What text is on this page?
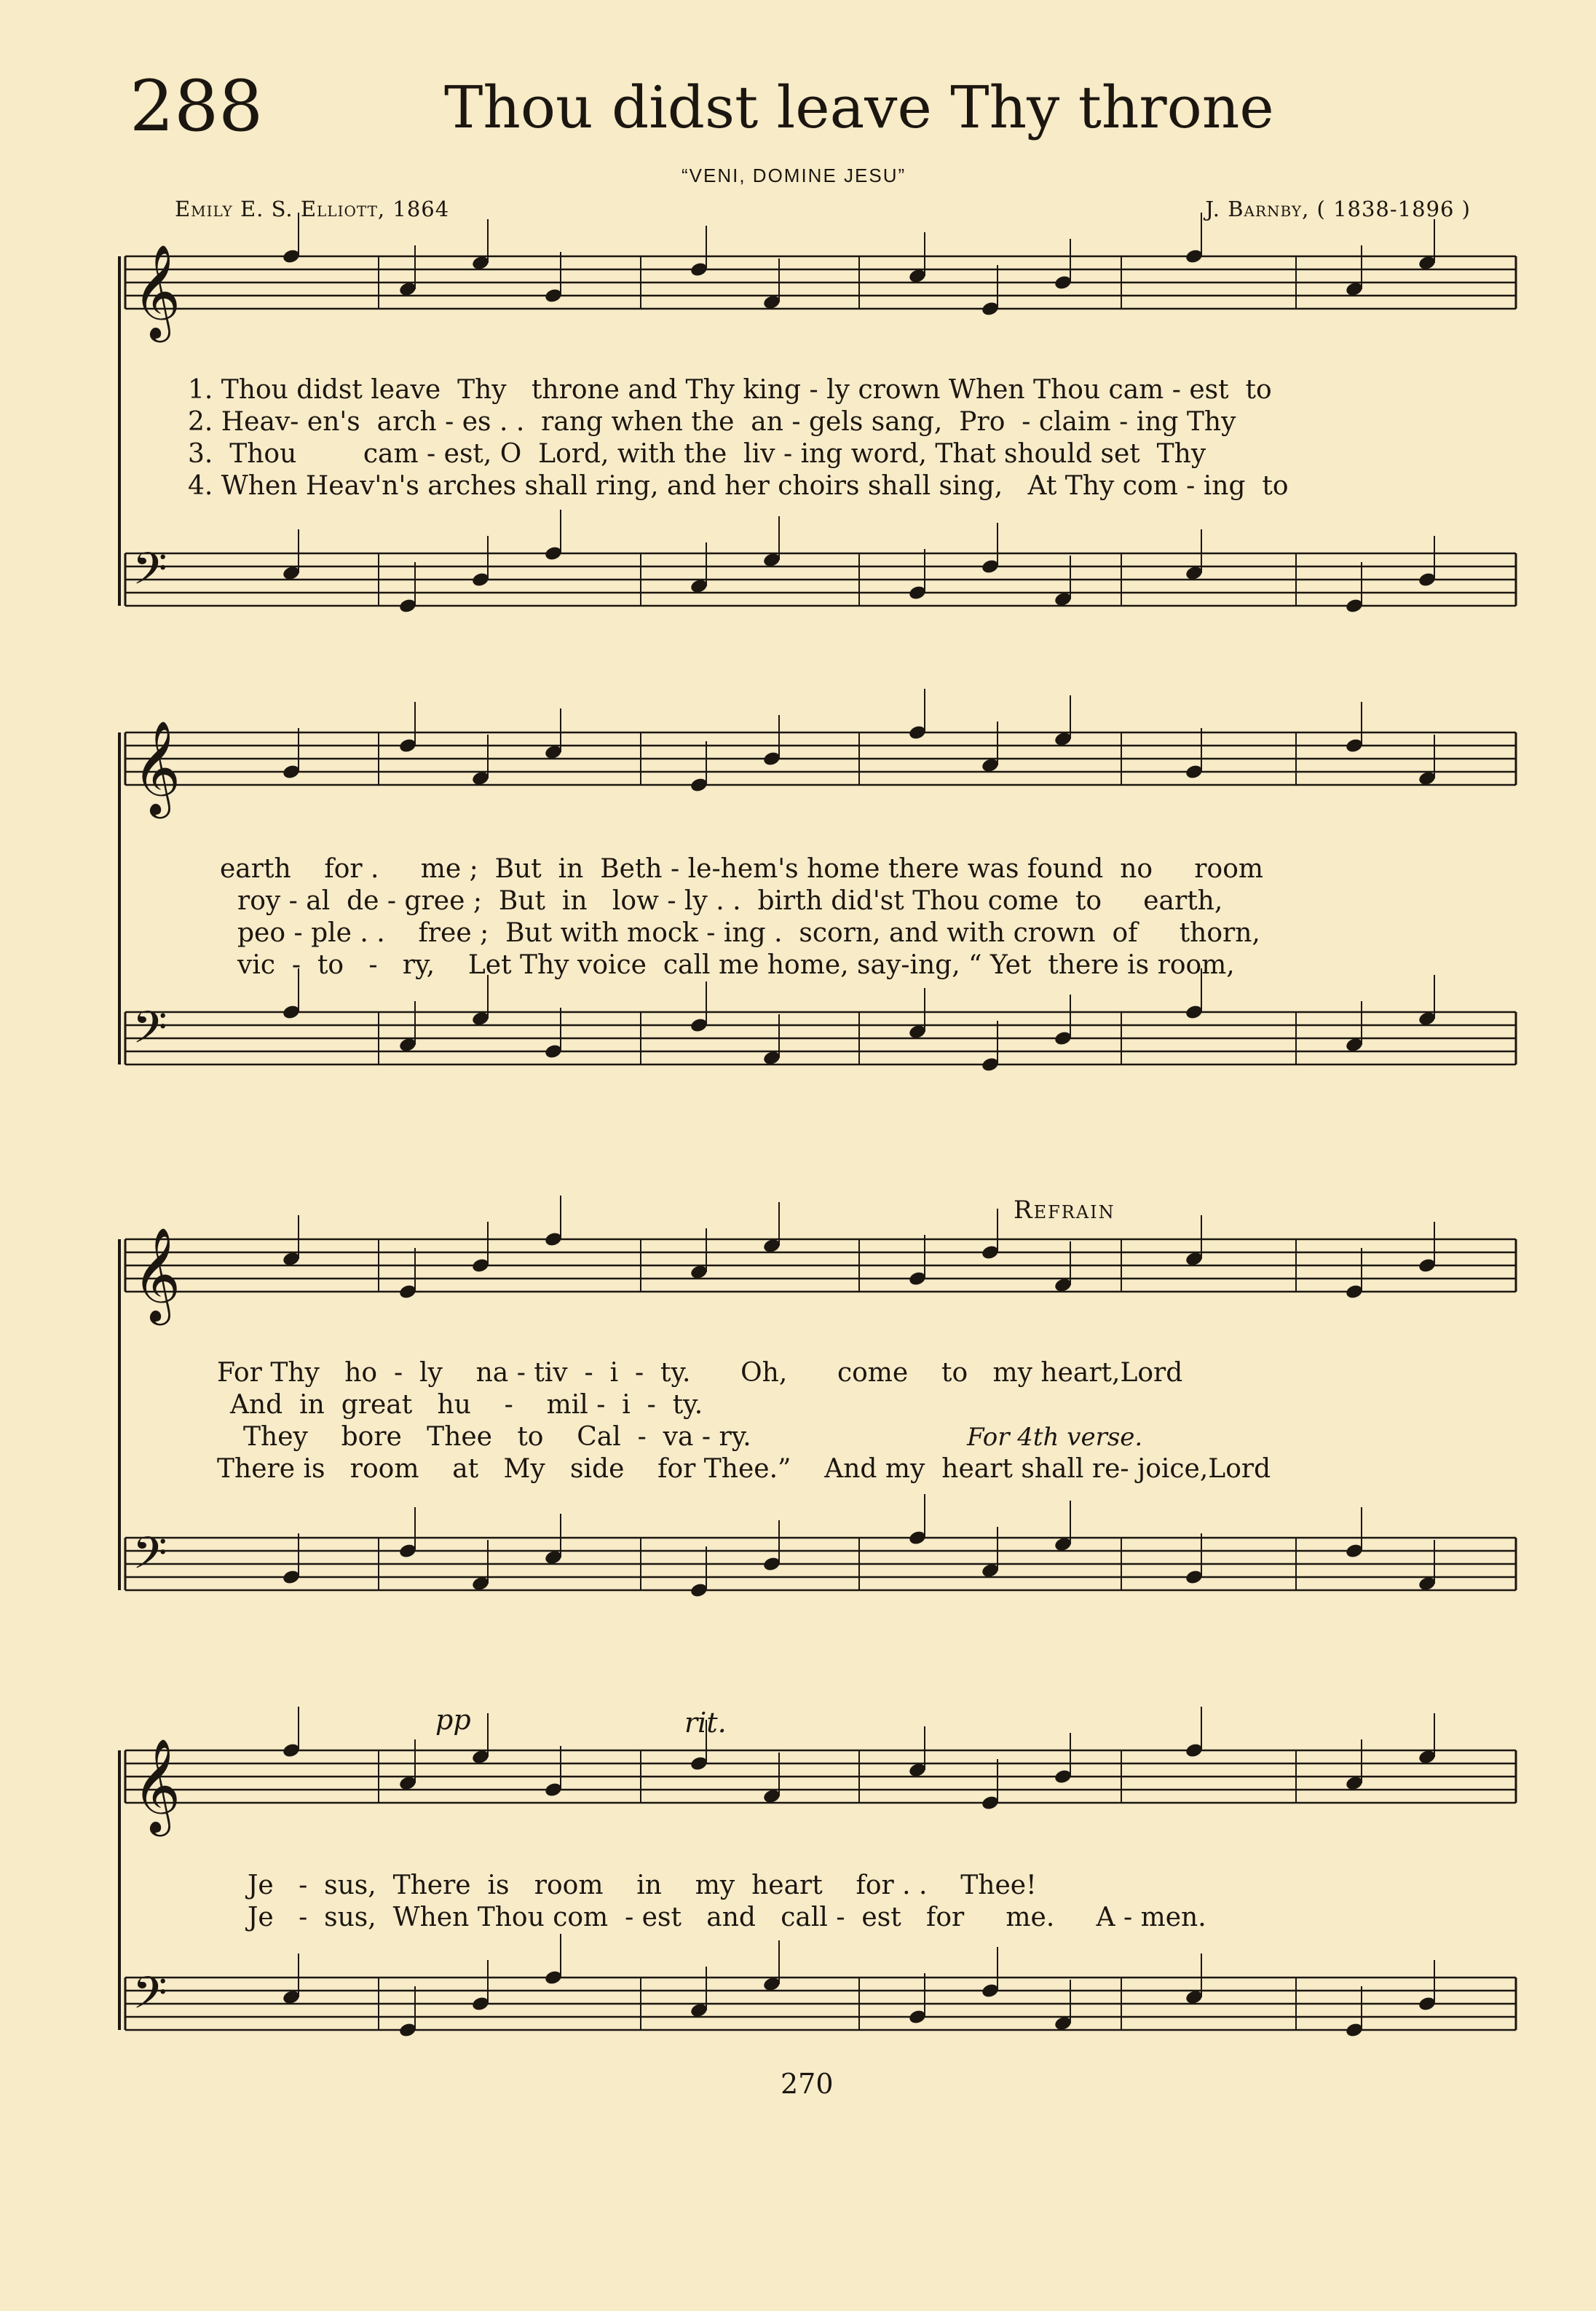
288	Thou didst leave Thy throne
“VENI, DOMINE JESU”
Emily E. S. Elliott, 1864	J. Barnby, ( 1838-1896 )
𝄞
𝄢
𝄞
𝄢
𝄞
𝄢
𝄞
𝄢
1. Thou didst leave  Thy   throne and Thy king - ly crown When Thou cam - est  to
2. Heav- en's  arch - es . .  rang when the  an - gels sang,  Pro  - claim - ing Thy
3.  Thou        cam - est, O  Lord, with the  liv - ing word, That should set  Thy
4. When Heav'n's arches shall ring, and her choirs shall sing,   At Thy com - ing  to
earth    for .     me ;  But  in  Beth - le-hem's home there was found  no     room
roy - al  de - gree ;  But  in   low - ly . .  birth did'st Thou come  to     earth,
peo - ple . .    free ;  But with mock - ing .  scorn, and with crown  of     thorn,
vic  -  to   -   ry,    Let Thy voice  call me home, say-ing, “ Yet  there is room,
Refrain
For Thy   ho  -  ly    na - tiv  -  i  -  ty.      Oh,      come    to   my heart,Lord
And  in  great   hu    -    mil -  i  -  ty.
They    bore   Thee   to    Cal  -  va - ry.	For 4th verse.
There is   room    at   My   side    for Thee.”    And my  heart shall re- joice,Lord
pp	rit.
Je   -  sus,  There  is   room    in    my  heart    for . .    Thee!
Je   -  sus,  When Thou com  - est   and   call -  est   for     me.     A - men.
270
